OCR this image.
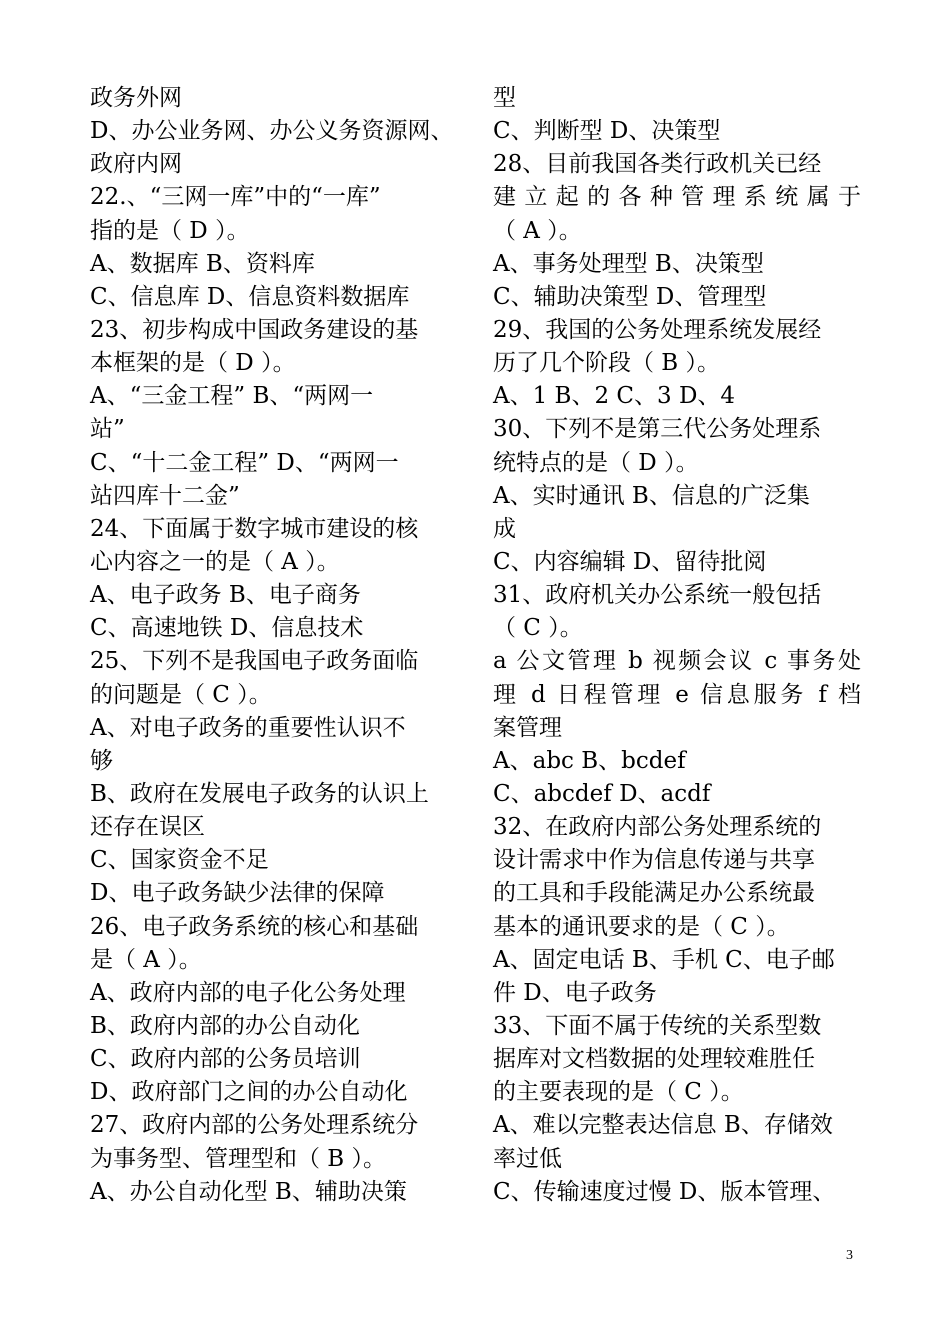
政务外网
D、办公业务网、办公义务资源网、
政府内网
22.、“三网一库”中的“一库”
指的是（ D ）。
A、数据库 B、资料库
C、信息库 D、信息资料数据库
23、初步构成中国政务建设的基
本框架的是（ D ）。
A、“三金工程” B、“两网一
站”
C、“十二金工程” D、“两网一
站四库十二金”
24、下面属于数字城市建设的核
心内容之一的是（ A ）。
A、电子政务 B、电子商务
C、高速地铁 D、信息技术
25、下列不是我国电子政务面临
的问题是（ C ）。
A、对电子政务的重要性认识不
够
B、政府在发展电子政务的认识上
还存在误区
C、国家资金不足
D、电子政务缺少法律的保障
26、电子政务系统的核心和基础
是（ A ）。
A、政府内部的电子化公务处理
B、政府内部的办公自动化
C、政府内部的公务员培训
D、政府部门之间的办公自动化
27、政府内部的公务处理系统分
为事务型、管理型和（ B ）。
A、办公自动化型 B、辅助决策
型
C、判断型 D、决策型
28、目前我国各类行政机关已经
建立起的各种管理系统属于
（ A ）。
A、事务处理型 B、决策型
C、辅助决策型 D、管理型
29、我国的公务处理系统发展经
历了几个阶段（ B ）。
A、1 B、2 C、3 D、4
30、下列不是第三代公务处理系
统特点的是（ D ）。
A、实时通讯 B、信息的广泛集
成
C、内容编辑 D、留待批阅
31、政府机关办公系统一般包括
（ C ）。
a 公文管理 b 视频会议 c 事务处
理 d 日程管理 e 信息服务 f 档
案管理
A、abc B、bcdef
C、abcdef D、acdf
32、在政府内部公务处理系统的
设计需求中作为信息传递与共享
的工具和手段能满足办公系统最
基本的通讯要求的是（ C ）。
A、固定电话 B、手机 C、电子邮
件 D、电子政务
33、下面不属于传统的关系型数
据库对文档数据的处理较难胜任
的主要表现的是（ C ）。
A、难以完整表达信息 B、存储效
率过低
C、传输速度过慢 D、版本管理、
3
